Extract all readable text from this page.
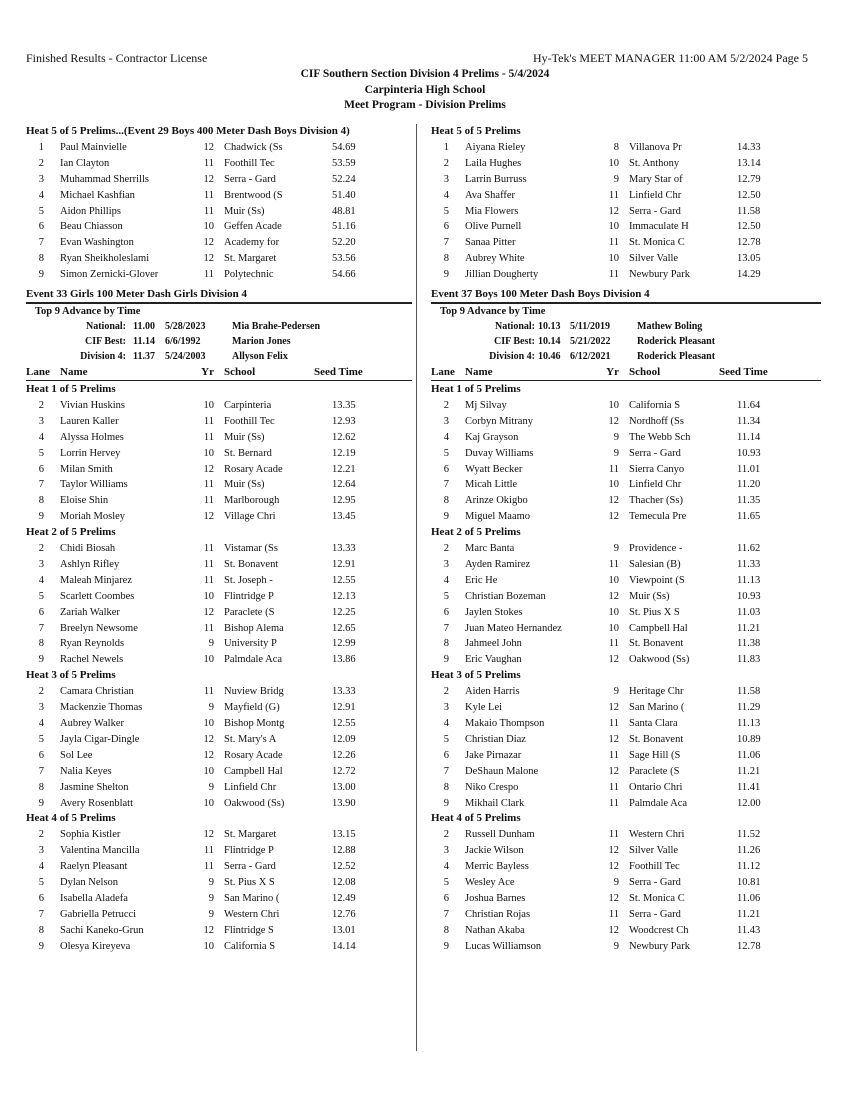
Finished Results - Contractor License	Hy-Tek's MEET MANAGER 11:00 AM 5/2/2024 Page 5
CIF Southern Section Division 4 Prelims - 5/4/2024
Carpinteria High School
Meet Program - Division Prelims
Heat 5 of 5 Prelims...(Event 29 Boys 400 Meter Dash Boys Division 4)
1 Paul Mainvielle	12 Chadwick (Ss	54.69
2 Ian Clayton	11 Foothill Tec	53.59
3 Muhammad Sherrills	12 Serra - Gard	52.24
4 Michael Kashfian	11 Brentwood (S	51.40
5 Aidon Phillips	11 Muir (Ss)	48.81
6 Beau Chiasson	10 Geffen Acade	51.16
7 Evan Washington	12 Academy for	52.20
8 Ryan Sheikholeslami	12 St. Margaret	53.56
9 Simon Zernicki-Glover	11 Polytechnic	54.66
Event 33 Girls 100 Meter Dash Girls Division 4
Top 9 Advance by Time
National: 11.00 5/28/2023	Mia Brahe-Pedersen
CIF Best: 11.14 6/6/1992	Marion Jones
Division 4: 11.37 5/24/2003	Allyson Felix
Lane Name	Yr School	Seed Time
Heat 1 of 5 Prelims
2 Vivian Huskins	10 Carpinteria	13.35
3 Lauren Kaller	11 Foothill Tec	12.93
4 Alyssa Holmes	11 Muir (Ss)	12.62
5 Lorrin Hervey	10 St. Bernard	12.19
6 Milan Smith	12 Rosary Acade	12.21
7 Taylor Williams	11 Muir (Ss)	12.64
8 Eloise Shin	11 Marlborough	12.95
9 Moriah Mosley	12 Village Chri	13.45
Heat 2 of 5 Prelims
2 Chidi Biosah	11 Vistamar (Ss	13.33
3 Ashlyn Rifley	11 St. Bonavent	12.91
4 Maleah Minjarez	11 St. Joseph -	12.55
5 Scarlett Coombes	10 Flintridge P	12.13
6 Zariah Walker	12 Paraclete (S	12.25
7 Breelyn Newsome	11 Bishop Alema	12.65
8 Ryan Reynolds	9 University P	12.99
9 Rachel Newels	10 Palmdale Aca	13.86
Heat 3 of 5 Prelims
2 Camara Christian	11 Nuview Bridg	13.33
3 Mackenzie Thomas	9 Mayfield (G)	12.91
4 Aubrey Walker	10 Bishop Montg	12.55
5 Jayla Cigar-Dingle	12 St. Mary's A	12.09
6 Sol Lee	12 Rosary Acade	12.26
7 Nalia Keyes	10 Campbell Hal	12.72
8 Jasmine Shelton	9 Linfield Chr	13.00
9 Avery Rosenblatt	10 Oakwood (Ss)	13.90
Heat 4 of 5 Prelims
2 Sophia Kistler	12 St. Margaret	13.15
3 Valentina Mancilla	11 Flintridge P	12.88
4 Raelyn Pleasant	11 Serra - Gard	12.52
5 Dylan Nelson	9 St. Pius X S	12.08
6 Isabella Aladefa	9 San Marino (	12.49
7 Gabriella Petrucci	9 Western Chri	12.76
8 Sachi Kaneko-Grun	12 Flintridge S	13.01
9 Olesya Kireyeva	10 California S	14.14
Heat 5 of 5 Prelims
1 Aiyana Rieley	8 Villanova Pr	14.33
2 Laila Hughes	10 St. Anthony	13.14
3 Larrin Burruss	9 Mary Star of	12.79
4 Ava Shaffer	11 Linfield Chr	12.50
5 Mia Flowers	12 Serra - Gard	11.58
6 Olive Purnell	10 Immaculate H	12.50
7 Sanaa Pitter	11 St. Monica C	12.78
8 Aubrey White	10 Silver Valle	13.05
9 Jillian Dougherty	11 Newbury Park	14.29
Event 37 Boys 100 Meter Dash Boys Division 4
Top 9 Advance by Time
National: 10.13 5/11/2019	Mathew Boling
CIF Best: 10.14 5/21/2022	Roderick Pleasant
Division 4: 10.46 6/12/2021	Roderick Pleasant
Lane Name	Yr School	Seed Time
Heat 1 of 5 Prelims
2 Mj Silvay	10 California S	11.64
3 Corbyn Mitrany	12 Nordhoff (Ss	11.34
4 Kaj Grayson	9 The Webb Sch	11.14
5 Duvay Williams	9 Serra - Gard	10.93
6 Wyatt Becker	11 Sierra Canyo	11.01
7 Micah Little	10 Linfield Chr	11.20
8 Arinze Okigbo	12 Thacher (Ss)	11.35
9 Miguel Maamo	12 Temecula Pre	11.65
Heat 2 of 5 Prelims
2 Marc Banta	9 Providence -	11.62
3 Ayden Ramirez	11 Salesian (B)	11.33
4 Eric He	10 Viewpoint (S	11.13
5 Christian Bozeman	12 Muir (Ss)	10.93
6 Jaylen Stokes	10 St. Pius X S	11.03
7 Juan Mateo Hernandez	10 Campbell Hal	11.21
8 Jahmeel John	11 St. Bonavent	11.38
9 Eric Vaughan	12 Oakwood (Ss)	11.83
Heat 3 of 5 Prelims
2 Aiden Harris	9 Heritage Chr	11.58
3 Kyle Lei	12 San Marino (	11.29
4 Makaio Thompson	11 Santa Clara	11.13
5 Christian Diaz	12 St. Bonavent	10.89
6 Jake Pirnazar	11 Sage Hill (S	11.06
7 DeShaun Malone	12 Paraclete (S	11.21
8 Niko Crespo	11 Ontario Chri	11.41
9 Mikhail Clark	11 Palmdale Aca	12.00
Heat 4 of 5 Prelims
2 Russell Dunham	11 Western Chri	11.52
3 Jackie Wilson	12 Silver Valle	11.26
4 Merric Bayless	12 Foothill Tec	11.12
5 Wesley Ace	9 Serra - Gard	10.81
6 Joshua Barnes	12 St. Monica C	11.06
7 Christian Rojas	11 Serra - Gard	11.21
8 Nathan Akaba	12 Woodcrest Ch	11.43
9 Lucas Williamson	9 Newbury Park	12.78
